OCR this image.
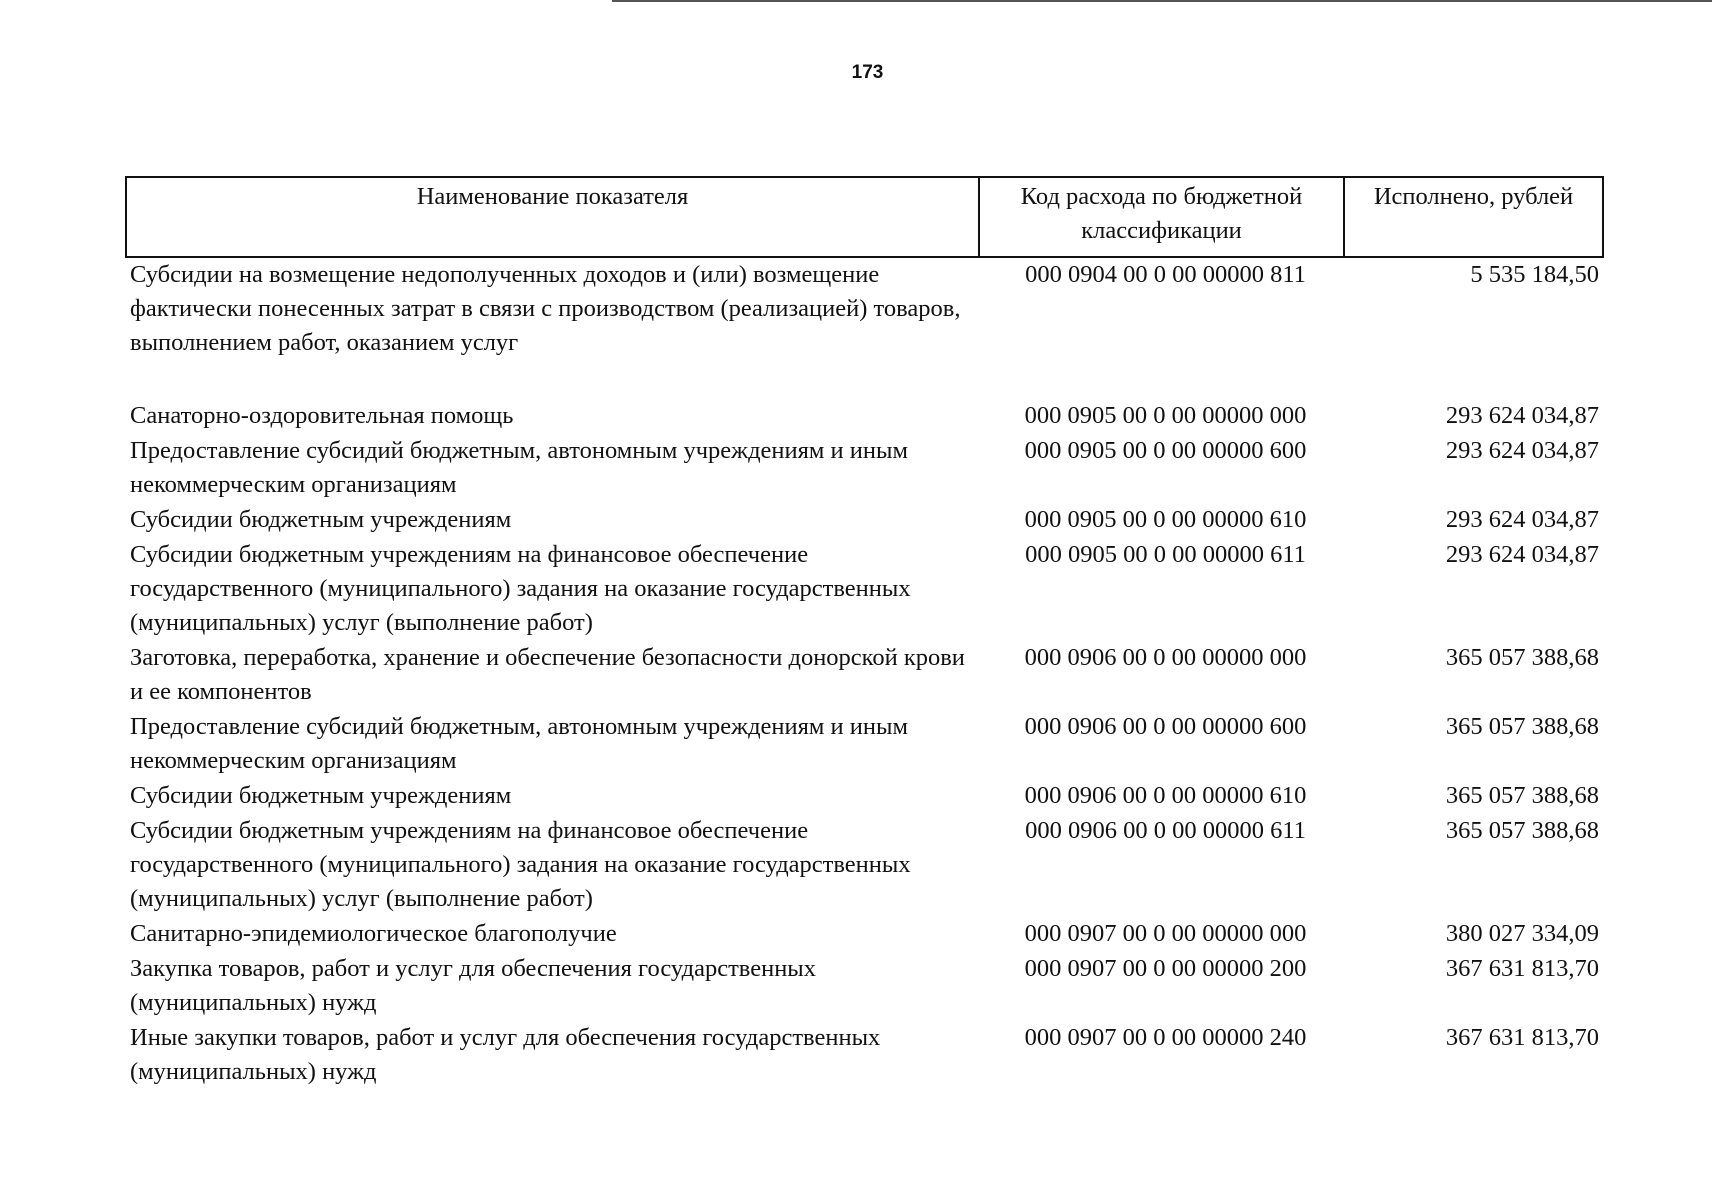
173
Наименование показателя	Код расхода по бюджетной классификации	Исполнено, рублей
Субсидии на возмещение недополученных доходов и (или) возмещение фактически понесенных затрат в связи с производством (реализацией) товаров, выполнением работ, оказанием услуг	000 0904 00 0 00 00000 811	5 535 184,50

Санаторно-оздоровительная помощь	000 0905 00 0 00 00000 000	293 624 034,87
Предоставление субсидий бюджетным, автономным учреждениям и иным некоммерческим организациям	000 0905 00 0 00 00000 600	293 624 034,87
Субсидии бюджетным учреждениям	000 0905 00 0 00 00000 610	293 624 034,87
Субсидии бюджетным учреждениям на финансовое обеспечение государственного (муниципального) задания на оказание государственных (муниципальных) услуг (выполнение работ)	000 0905 00 0 00 00000 611	293 624 034,87
Заготовка, переработка, хранение и обеспечение безопасности донорской крови и ее компонентов	000 0906 00 0 00 00000 000	365 057 388,68
Предоставление субсидий бюджетным, автономным учреждениям и иным некоммерческим организациям	000 0906 00 0 00 00000 600	365 057 388,68
Субсидии бюджетным учреждениям	000 0906 00 0 00 00000 610	365 057 388,68
Субсидии бюджетным учреждениям на финансовое обеспечение государственного (муниципального) задания на оказание государственных (муниципальных) услуг (выполнение работ)	000 0906 00 0 00 00000 611	365 057 388,68
Санитарно-эпидемиологическое благополучие	000 0907 00 0 00 00000 000	380 027 334,09
Закупка товаров, работ и услуг для обеспечения государственных (муниципальных) нужд	000 0907 00 0 00 00000 200	367 631 813,70
Иные закупки товаров, работ и услуг для обеспечения государственных (муниципальных) нужд	000 0907 00 0 00 00000 240	367 631 813,70
